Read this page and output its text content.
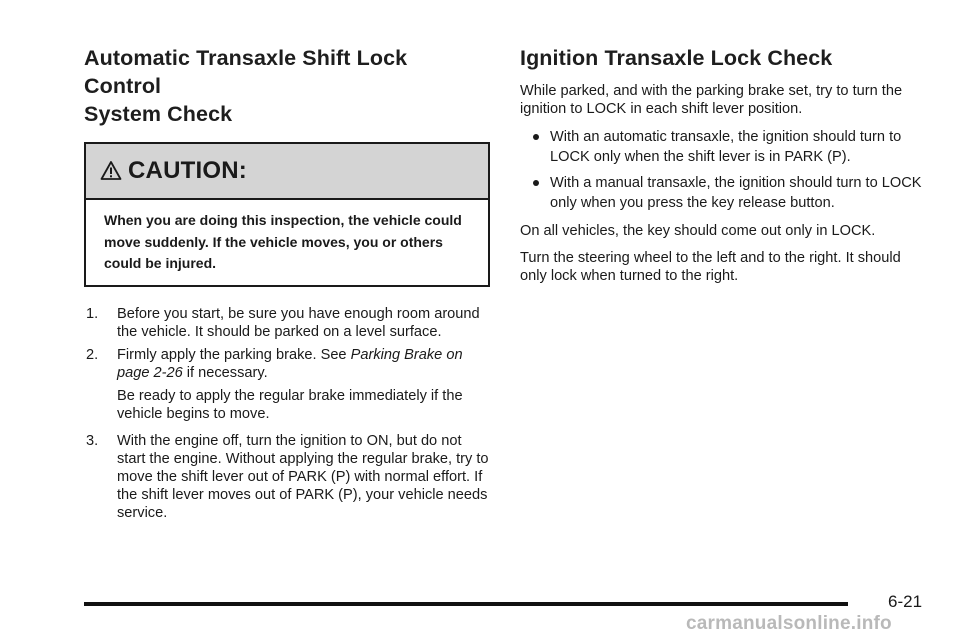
Automatic Transaxle Shift Lock Control
System Check
CAUTION:
When you are doing this inspection, the vehicle could move suddenly. If the vehicle moves, you or others could be injured.
1. Before you start, be sure you have enough room around the vehicle. It should be parked on a level surface.
2. Firmly apply the parking brake. See Parking Brake on page 2-26 if necessary.
Be ready to apply the regular brake immediately if the vehicle begins to move.
3. With the engine off, turn the ignition to ON, but do not start the engine. Without applying the regular brake, try to move the shift lever out of PARK (P) with normal effort. If the shift lever moves out of PARK (P), your vehicle needs service.
Ignition Transaxle Lock Check

While parked, and with the parking brake set, try to turn the ignition to LOCK in each shift lever position.

With an automatic transaxle, the ignition should turn to LOCK only when the shift lever is in PARK (P).
With a manual transaxle, the ignition should turn to LOCK only when you press the key release button.

On all vehicles, the key should come out only in LOCK.

Turn the steering wheel to the left and to the right. It should only lock when turned to the right.

6-21
carmanualsonline.info
